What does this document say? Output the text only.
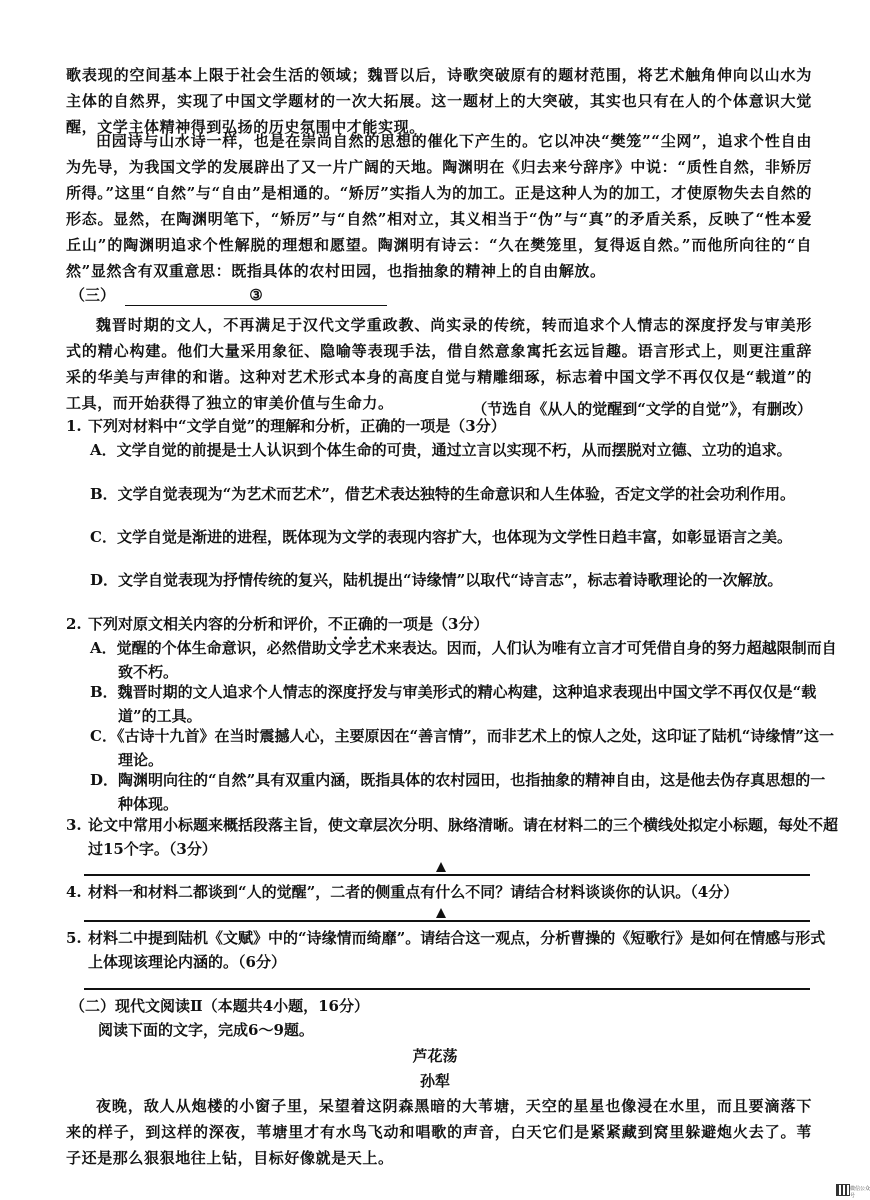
歌表现的空间基本上限于社会生活的领域；魏晋以后，诗歌突破原有的题材范围，将艺术触角伸向以山水为主体的自然界，实现了中国文学题材的一次大拓展。这一题材上的大突破，其实也只有在人的个体意识大觉醒，文学主体精神得到弘扬的历史氛围中才能实现。

田园诗与山水诗一样，也是在崇尚自然的思想的催化下产生的。它以冲决“樊笼”“尘网”，追求个性自由为先导，为我国文学的发展辟出了又一片广阔的天地。陶渊明在《归去来兮辞序》中说：“质性自然，非矫厉所得。”这里“自然”与“自由”是相通的。“矫厉”实指人为的加工。正是这种人为的加工，才使原物失去自然的形态。显然，在陶渊明笔下，“矫厉”与“自然”相对立，其义相当于“伪”与“真”的矛盾关系，反映了“性本爱丘山”的陶渊明追求个性解脱的理想和愿望。陶渊明有诗云：“久在樊笼里，复得返自然。”而他所向往的“自然”显然含有双重意思：既指具体的农村田园，也指抽象的精神上的自由解放。

（三）	③

魏晋时期的文人，不再满足于汉代文学重政教、尚实录的传统，转而追求个人情志的深度抒发与审美形式的精心构建。他们大量采用象征、隐喻等表现手法，借自然意象寓托玄远旨趣。语言形式上，则更注重辞采的华美与声律的和谐。这种对艺术形式本身的高度自觉与精雕细琢，标志着中国文学不再仅仅是“载道”的工具，而开始获得了独立的审美价值与生命力。	（节选自《从人的觉醒到“文学的自觉”》，有删改）

1. 下列对材料中“文学自觉”的理解和分析，正确的一项是（3分）

A．文学自觉的前提是士人认识到个体生命的可贵，通过立言以实现不朽，从而摆脱对立德、立功的追求。

B．文学自觉表现为“为艺术而艺术”，借艺术表达独特的生命意识和人生体验，否定文学的社会功利作用。

C．文学自觉是渐进的进程，既体现为文学的表现内容扩大，也体现为文学性日趋丰富，如彰显语言之美。

D．文学自觉表现为抒情传统的复兴，陆机提出“诗缘情”以取代“诗言志”，标志着诗歌理论的一次解放。

2. 下列对原文相关内容的分析和评价，不正确的一项是（3分）

A．觉醒的个体生命意识，必然借助文学艺术来表达。因而，人们认为唯有立言才可凭借自身的努力超越限制而自致不朽。

B．魏晋时期的文人追求个人情志的深度抒发与审美形式的精心构建，这种追求表现出中国文学不再仅仅是“载道”的工具。

C．《古诗十九首》在当时震撼人心，主要原因在“善言情”，而非艺术上的惊人之处，这印证了陆机“诗缘情”这一理论。

D．陶渊明向往的“自然”具有双重内涵，既指具体的农村园田，也指抽象的精神自由，这是他去伪存真思想的一种体现。

3. 论文中常用小标题来概括段落主旨，使文章层次分明、脉络清晰。请在材料二的三个横线处拟定小标题，每处不超过15个字。（3分）

4. 材料一和材料二都谈到“人的觉醒”，二者的侧重点有什么不同？请结合材料谈谈你的认识。（4分）

5. 材料二中提到陆机《文赋》中的“诗缘情而绮靡”。请结合这一观点，分析曹操的《短歌行》是如何在情感与形式上体现该理论内涵的。（6分）

（二）现代文阅读Ⅱ（本题共4小题，16分）
阅读下面的文字，完成6～9题。
芦花荡
孙犁

夜晚，敌人从炮楼的小窗子里，呆望着这阴森黑暗的大苇塘，天空的星星也像浸在水里，而且要滴落下来的样子，到这样的深夜，苇塘里才有水鸟飞动和唱歌的声音，白天它们是紧紧藏到窝里躲避炮火去了。苇子还是那么狠狠地往上钻，目标好像就是天上。

微信公众号
